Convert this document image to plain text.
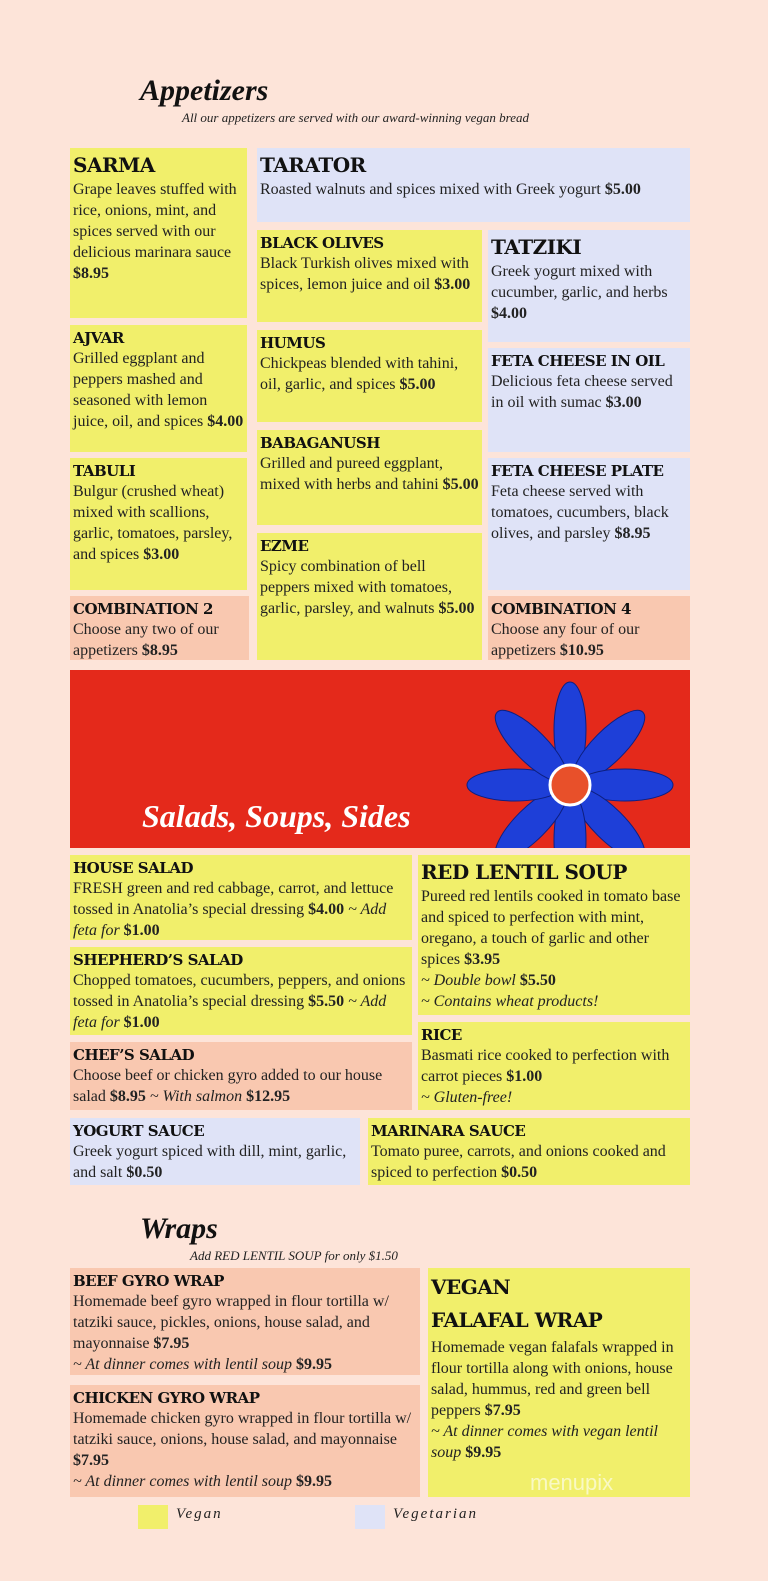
Appetizers
All our appetizers are served with our award-winning vegan bread
SARMA
Grape leaves stuffed with rice, onions, mint, and spices served with our delicious marinara sauce $8.95
TARATOR
Roasted walnuts and spices mixed with Greek yogurt $5.00
BLACK OLIVES
Black Turkish olives mixed with spices, lemon juice and oil $3.00
TATZIKI
Greek yogurt mixed with cucumber, garlic, and herbs $4.00
AJVAR
Grilled eggplant and peppers mashed and seasoned with lemon juice, oil, and spices $4.00
HUMUS
Chickpeas blended with tahini, oil, garlic, and spices $5.00
FETA CHEESE IN OIL
Delicious feta cheese served in oil with sumac $3.00
BABAGANUSH
Grilled and pureed eggplant, mixed with herbs and tahini $5.00
TABULI
Bulgur (crushed wheat) mixed with scallions, garlic, tomatoes, parsley, and spices $3.00
FETA CHEESE PLATE
Feta cheese served with tomatoes, cucumbers, black olives, and parsley $8.95
EZME
Spicy combination of bell peppers mixed with tomatoes, garlic, parsley, and walnuts $5.00
COMBINATION 2
Choose any two of our appetizers $8.95
COMBINATION 4
Choose any four of our appetizers $10.95
Salads, Soups, Sides
HOUSE SALAD
FRESH green and red cabbage, carrot, and lettuce tossed in Anatolia’s special dressing $4.00 ~ Add feta for $1.00
RED LENTIL SOUP
Pureed red lentils cooked in tomato base and spiced to perfection with mint, oregano, a touch of garlic and other spices $3.95
~ Double bowl $5.50
~ Contains wheat products!
SHEPHERD’S SALAD
Chopped tomatoes, cucumbers, peppers, and onions tossed in Anatolia’s special dressing $5.50 ~ Add feta for $1.00
RICE
Basmati rice cooked to perfection with carrot pieces $1.00
~ Gluten-free!
CHEF’S SALAD
Choose beef or chicken gyro added to our house salad $8.95 ~ With salmon $12.95
YOGURT SAUCE
Greek yogurt spiced with dill, mint, garlic, and salt $0.50
MARINARA SAUCE
Tomato puree, carrots, and onions cooked and spiced to perfection $0.50
Wraps
Add RED LENTIL SOUP for only $1.50
BEEF GYRO WRAP
Homemade beef gyro wrapped in flour tortilla w/ tatziki sauce, pickles, onions, house salad, and mayonnaise $7.95
~ At dinner comes with lentil soup $9.95
CHICKEN GYRO WRAP
Homemade chicken gyro wrapped in flour tortilla w/ tatziki sauce, onions, house salad, and mayonnaise $7.95
~ At dinner comes with lentil soup $9.95
VEGAN
FALAFAL WRAP
Homemade vegan falafals wrapped in flour tortilla along with onions, house salad, hummus, red and green bell peppers $7.95
~ At dinner comes with vegan lentil soup $9.95
menupix
Vegan	Vegetarian
